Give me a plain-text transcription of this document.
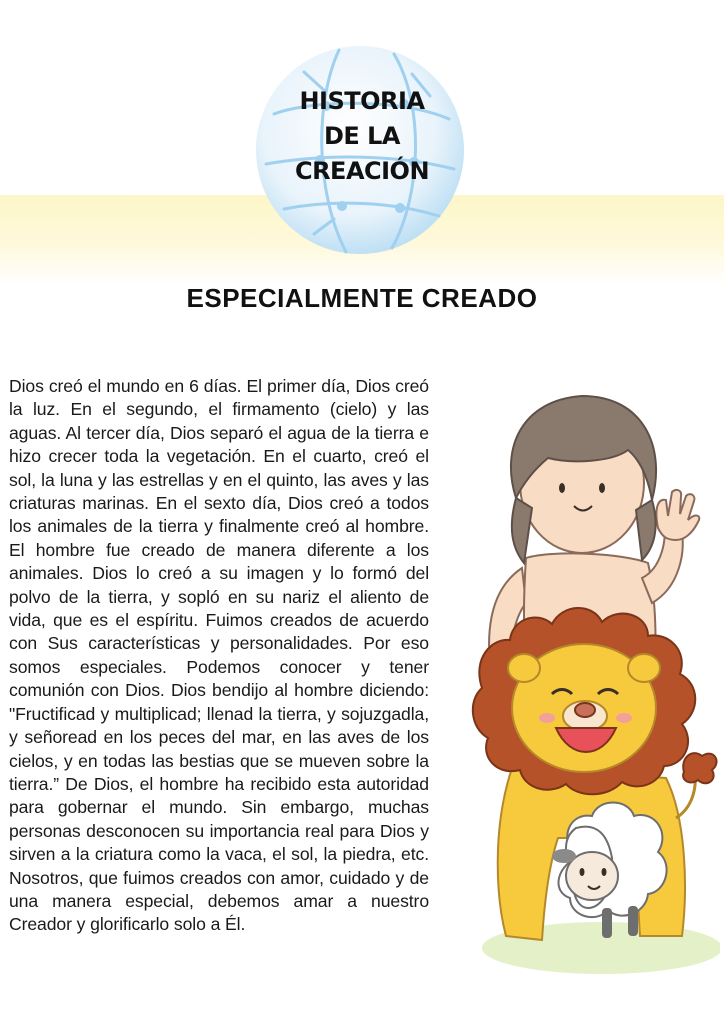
HISTORIA
DE LA
CREACIÓN
ESPECIALMENTE CREADO
Dios creó el mundo en 6 días. El primer día, Dios creó la luz. En el segundo, el firmamento (cielo) y las aguas. Al tercer día, Dios separó el agua de la tierra e hizo crecer toda la vegetación. En el cuarto, creó el sol, la luna y las estrellas y en el quinto, las aves y las criaturas marinas. En el sexto día, Dios creó a todos los animales de la tierra y finalmente creó al hombre. El hombre fue creado de manera diferente a los animales. Dios lo creó a su imagen y lo formó del polvo de la tierra, y sopló en su nariz el aliento de vida, que es el espíritu. Fuimos creados de acuerdo con Sus características y personalidades. Por eso somos especiales. Podemos conocer y tener comunión con Dios. Dios bendijo al hombre diciendo: "Fructificad y multiplicad; llenad la tierra, y sojuzgadla, y señoread en los peces del mar, en las aves de los cielos, y en todas las bestias que se mueven sobre la tierra.” De Dios, el hombre ha recibido esta autoridad para gobernar el mundo. Sin embargo, muchas personas desconocen su importancia real para Dios y sirven a la criatura como la vaca, el sol, la piedra, etc. Nosotros, que fuimos creados con amor, cuidado y de una manera especial, debemos amar a nuestro Creador y glorificarlo solo a Él.
